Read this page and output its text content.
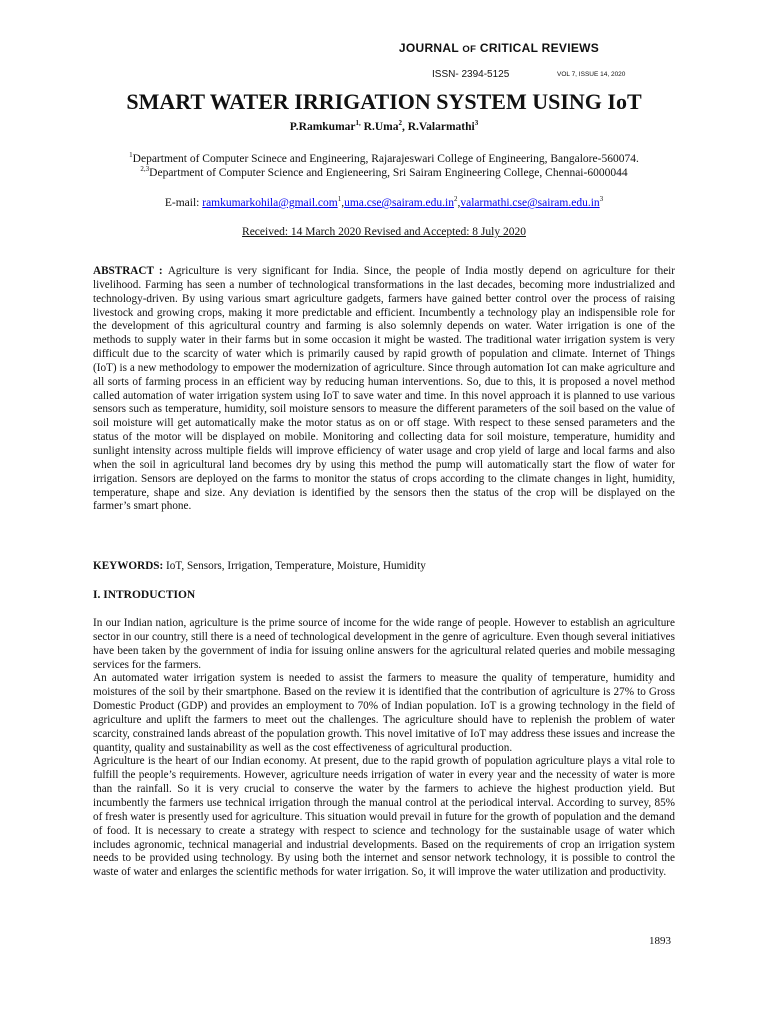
JOURNAL OF CRITICAL REVIEWS
ISSN- 2394-5125	VOL 7, ISSUE 14, 2020
SMART WATER IRRIGATION SYSTEM USING IoT
P.Ramkumar$^{1,}$ R.Uma$^2$, R.Valarmathi$^3$
$^1$Department of Computer Scinece and Engineering, Rajarajeswari College of Engineering, Bangalore-560074.
$^{2,3}$Department of Computer Science and Engieneering, Sri Sairam Engineering College, Chennai-6000044
E-mail: $ramkumarkohila@gmail.com^1,uma.cse@sairam.edu.in^2,valarmathi.cse@sairam.edu.in^3$
Received: 14 March 2020 Revised and Accepted: 8 July 2020
ABSTRACT : Agriculture is very significant for India. Since, the people of India mostly depend on agriculture for their livelihood. Farming has seen a number of technological transformations in the last decades, becoming more industrialized and technology-driven. By using various smart agriculture gadgets, farmers have gained better control over the process of raising livestock and growing crops, making it more predictable and efficient. Incumbently a technology play an indispensible role for the development of this agricultural country and farming is also solemnly depends on water. Water irrigation is one of the methods to supply water in their farms but in some occasion it might be wasted. The traditional water irrigation system is very difficult due to the scarcity of water which is primarily caused by rapid growth of population and climate. Internet of Things (IoT) is a new methodology to empower the modernization of agriculture. Since through automation Iot can make agriculture and all sorts of farming process in an efficient way by reducing human interventions. So, due to this, it is proposed a novel method called automation of water irrigation system using IoT to save water and time. In this novel approach it is planned to use various sensors such as temperature, humidity, soil moisture sensors to measure the different parameters of the soil based on the value of soil moisture will get automatically make the motor status as on or off stage. With respect to these sensed parameters and the status of the motor will be displayed on mobile. Monitoring and collecting data for soil moisture, temperature, humidity and sunlight intensity across multiple fields will improve efficiency of water usage and crop yield of large and local farms and also when the soil in agricultural land becomes dry by using this method the pump will automatically start the flow of water for irrigation. Sensors are deployed on the farms to monitor the status of crops according to the climate changes in light, humidity, temperature, shape and size. Any deviation is identified by the sensors then the status of the crop will be displayed on the farmer’s smart phone.
KEYWORDS: IoT, Sensors, Irrigation, Temperature, Moisture, Humidity
I. INTRODUCTION

In our Indian nation, agriculture is the prime source of income for the wide range of people. However to establish an agriculture sector in our country, still there is a need of technological development in the genre of agriculture. Even though several initiatives have been taken by the government of india for issuing online answers for the agricultural related queries and mobile messaging services for the farmers.

An automated water irrigation system is needed to assist the farmers to measure the quality of temperature, humidity and moistures of the soil by their smartphone. Based on the review it is identified that the contribution of agriculture is 27% to Gross Domestic Product (GDP) and provides an employment to 70% of Indian population. IoT is a growing technology in the field of agriculture and uplift the farmers to meet out the challenges. The agriculture should have to replenish the problem of water scarcity, constrained lands abreast of the population growth. This novel imitative of IoT may address these issues and increase the quantity, quality and sustainability as well as the cost effectiveness of agricultural production.

Agriculture is the heart of our Indian economy. At present, due to the rapid growth of population agriculture plays a vital role to fulfill the people’s requirements. However, agriculture needs irrigation of water in every year and the necessity of water is more than the rainfall. So it is very crucial to conserve the water by the farmers to achieve the highest production yield. But incumbently the farmers use technical irrigation through the manual control at the periodical interval. According to survey, 85% of fresh water is presently used for agriculture. This situation would prevail in future for the growth of population and the demand of food. It is necessary to create a strategy with respect to science and technology for the sustainable usage of water which includes agronomic, technical managerial and industrial developments. Based on the requirements of crop an irrigation system needs to be provided using technology. By using both the internet and sensor network technology, it is possible to control the waste of water and enlarges the scientific methods for water irrigation. So, it will improve the water utilization and productivity.

1893
